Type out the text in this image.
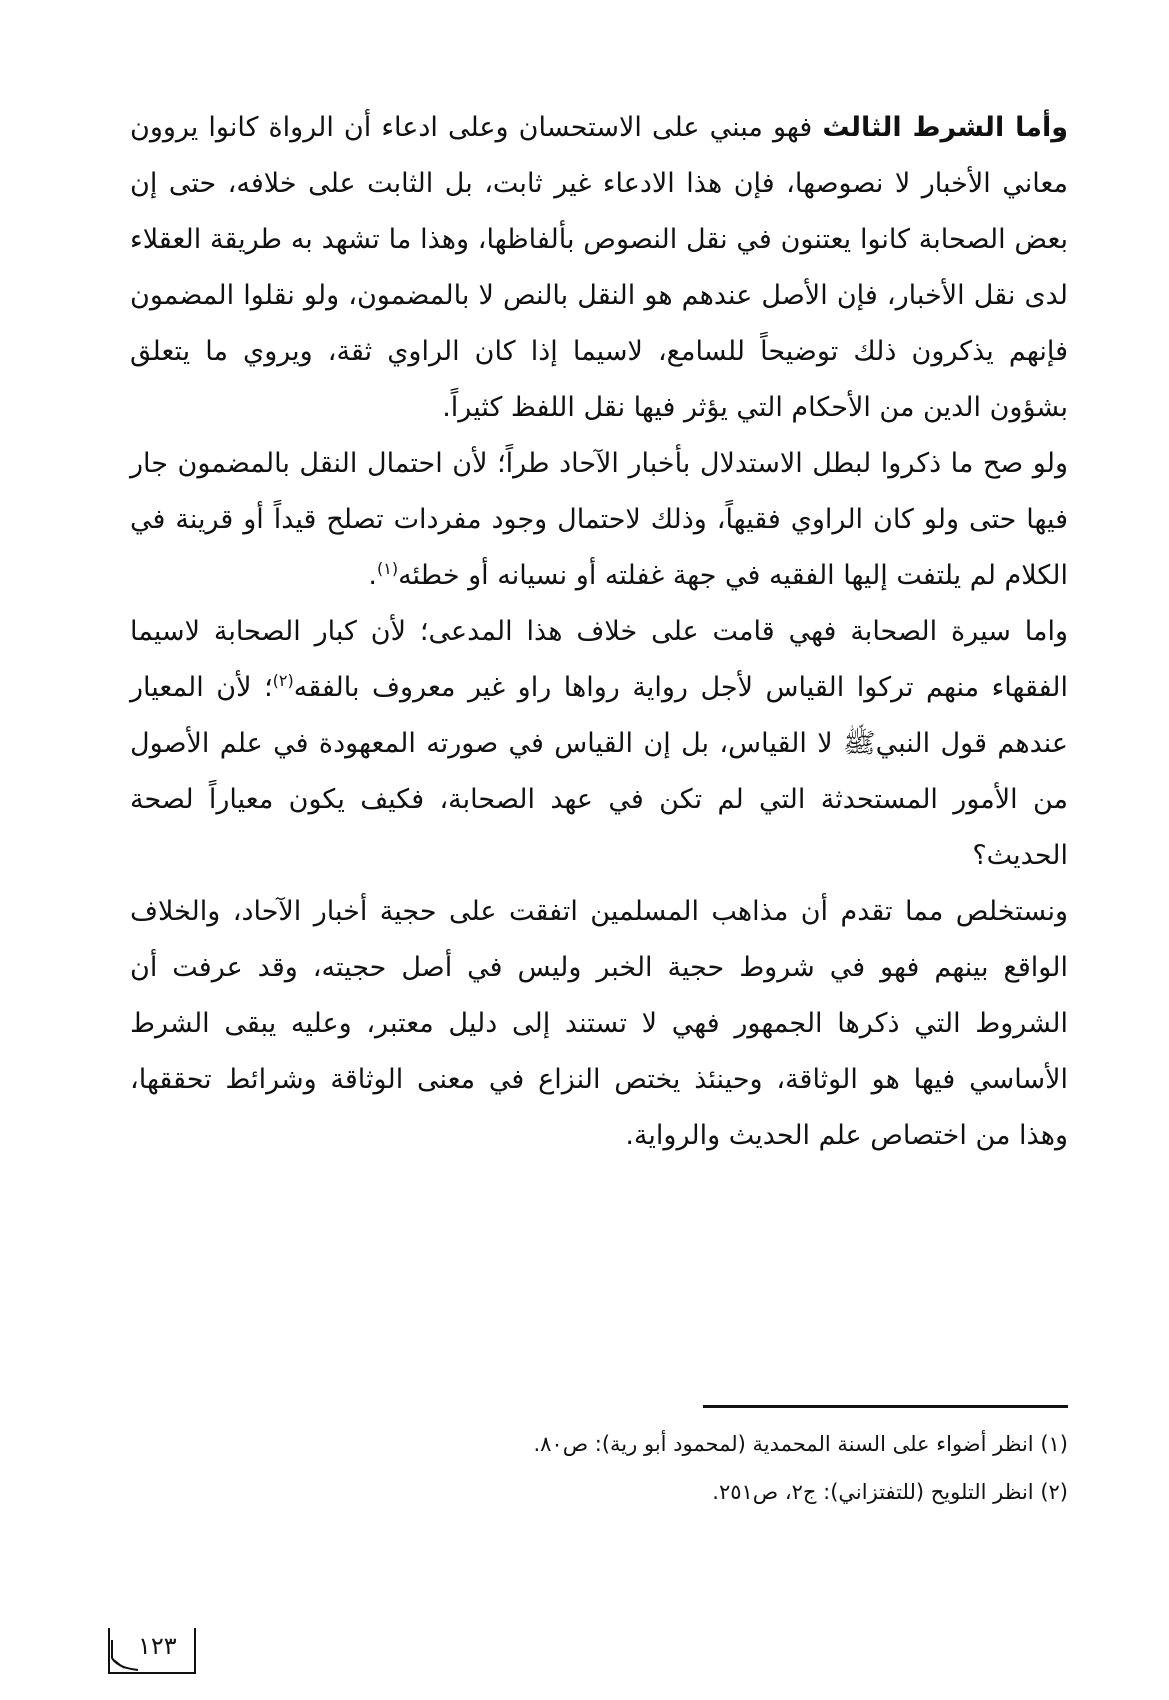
وأما الشرط الثالث فهو مبني على الاستحسان وعلى ادعاء أن الرواة كانوا يروون معاني الأخبار لا نصوصها، فإن هذا الادعاء غير ثابت، بل الثابت على خلافه، حتى إن بعض الصحابة كانوا يعتنون في نقل النصوص بألفاظها، وهذا ما تشهد به طريقة العقلاء لدى نقل الأخبار، فإن الأصل عندهم هو النقل بالنص لا بالمضمون، ولو نقلوا المضمون فإنهم يذكرون ذلك توضيحاً للسامع، لاسيما إذا كان الراوي ثقة، ويروي ما يتعلق بشؤون الدين من الأحكام التي يؤثر فيها نقل اللفظ كثيراً.

ولو صح ما ذكروا لبطل الاستدلال بأخبار الآحاد طراً؛ لأن احتمال النقل بالمضمون جار فيها حتى ولو كان الراوي فقيهاً، وذلك لاحتمال وجود مفردات تصلح قيداً أو قرينة في الكلام لم يلتفت إليها الفقيه في جهة غفلته أو نسيانه أو خطئه$^{(١)}$.

واما سيرة الصحابة فهي قامت على خلاف هذا المدعى؛ لأن كبار الصحابة لاسيما الفقهاء منهم تركوا القياس لأجل رواية رواها راو غير معروف بالفقه$^{(٢)}$؛ لأن المعيار عندهم قول النبيﷺ لا القياس، بل إن القياس في صورته المعهودة في علم الأصول من الأمور المستحدثة التي لم تكن في عهد الصحابة، فكيف يكون معياراً لصحة الحديث؟

ونستخلص مما تقدم أن مذاهب المسلمين اتفقت على حجية أخبار الآحاد، والخلاف الواقع بينهم فهو في شروط حجية الخبر وليس في أصل حجيته، وقد عرفت أن الشروط التي ذكرها الجمهور فهي لا تستند إلى دليل معتبر، وعليه يبقى الشرط الأساسي فيها هو الوثاقة، وحينئذ يختص النزاع في معنى الوثاقة وشرائط تحققها، وهذا من اختصاص علم الحديث والرواية.

(١) انظر أضواء على السنة المحمدية (لمحمود أبو رية): ص٨٠.

(٢) انظر التلويح (للتفتزاني): ج٢، ص٢٥١.

١٢٣
